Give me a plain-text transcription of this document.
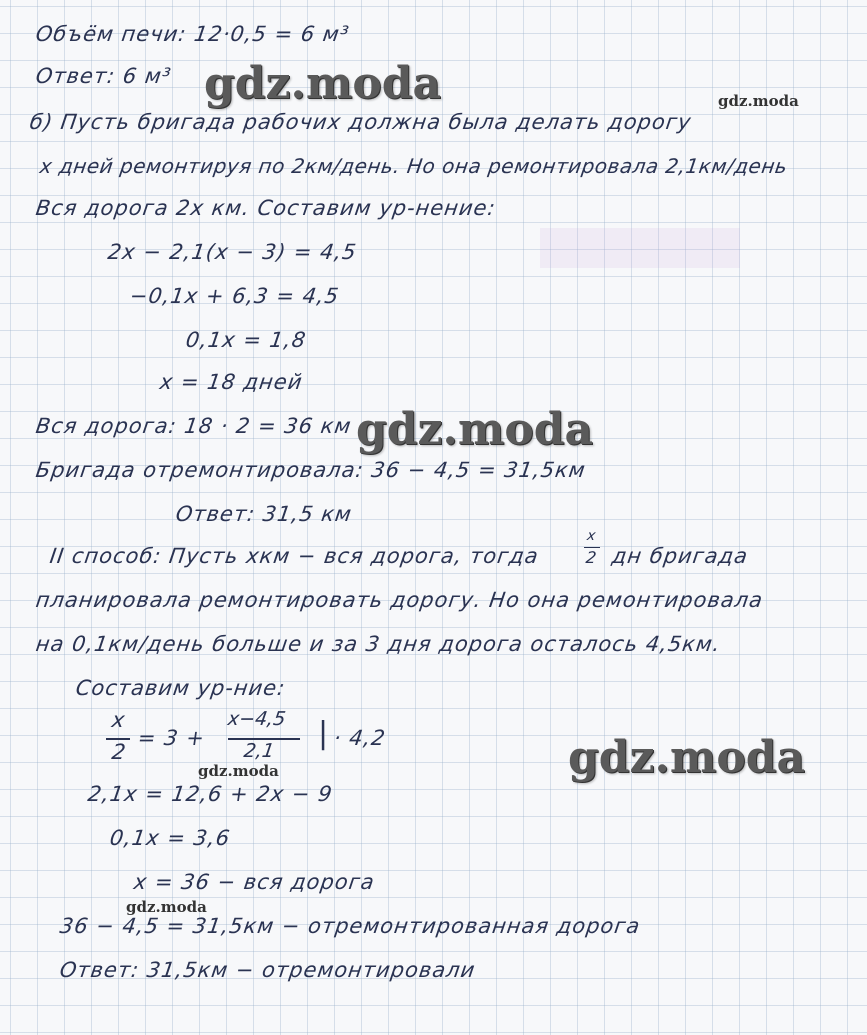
Объём печи: 12·0,5 = 6 м³
Ответ: 6 м³
б) Пусть бригада рабочих должна была делать дорогу
x дней ремонтируя по 2км/день. Но она ремонтировала 2,1км/день
Вся дорога 2x км. Составим ур-нение:
2x − 2,1(x − 3) = 4,5
−0,1x + 6,3 = 4,5
0,1x = 1,8
x = 18 дней
Вся дорога: 18 · 2 = 36 км
Бригада отремонтировала: 36 − 4,5 = 31,5км
Ответ: 31,5 км
II способ: Пусть xкм − вся дорога, тогда
x
2 дн бригада
планировала ремонтировать дорогу. Но она ремонтировала
на 0,1км/день больше и за 3 дня дорога осталось 4,5км.
Составим ур-ние:
x
2
= 3 +
x−4,5
2,1 | · 4,2
2,1x = 12,6 + 2x − 9
0,1x = 3,6
x = 36 − вся дорога
36 − 4,5 = 31,5км − отремонтированная дорога
Ответ: 31,5км − отремонтировали
gdz.moda
gdz.moda
gdz.moda
gdz.moda
gdz.moda
gdz.moda
